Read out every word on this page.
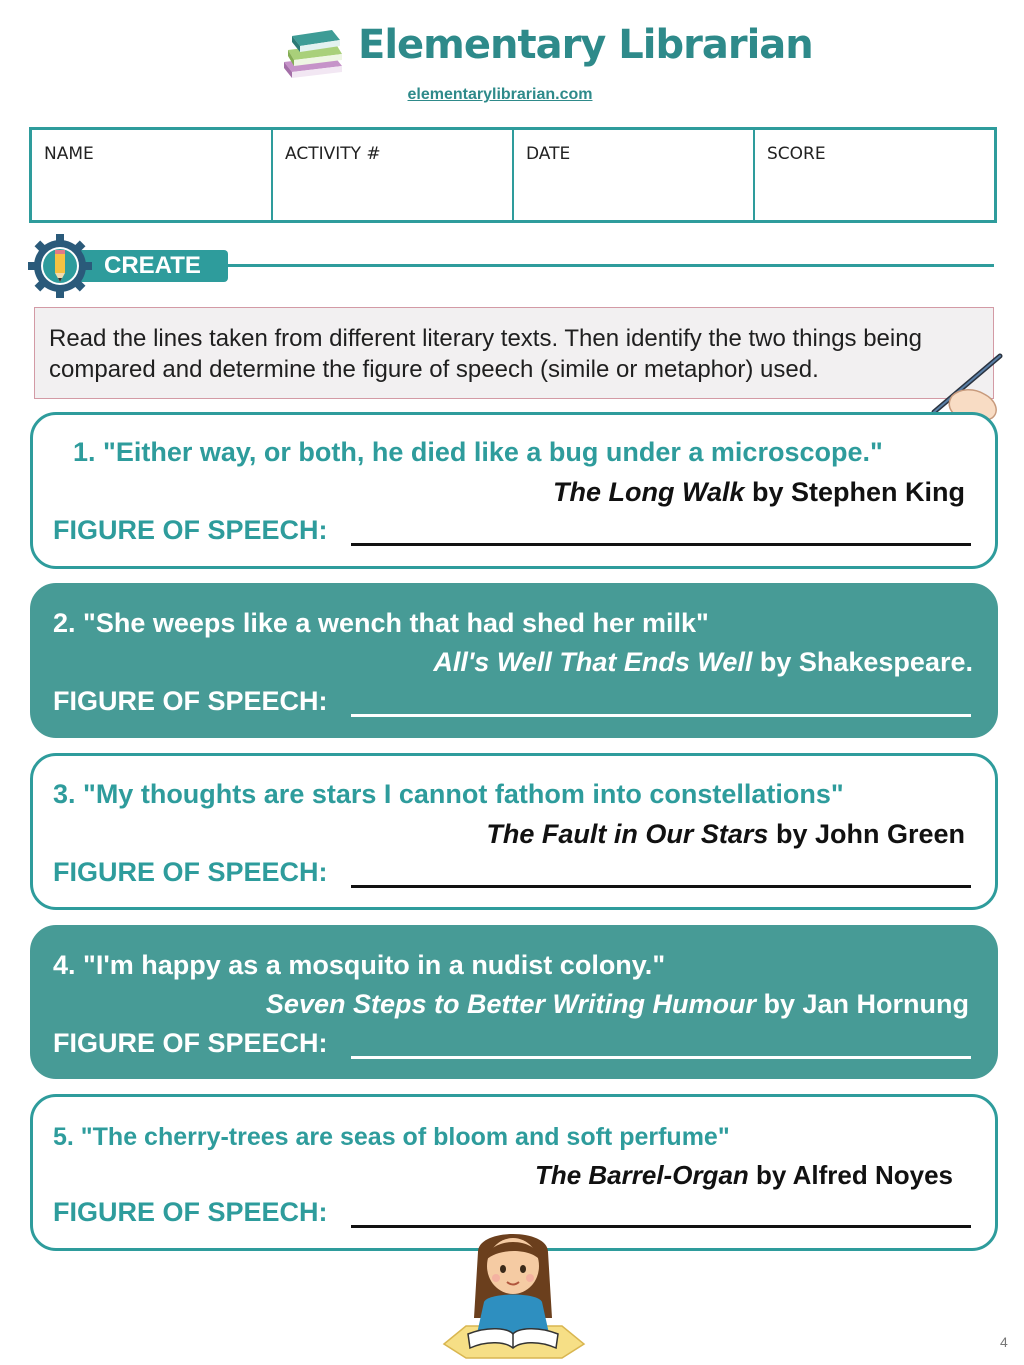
Elementary Librarian
elementarylibrarian.com
NAME	ACTIVITY #	DATE	SCORE
CREATE
Read the lines taken from different literary texts. Then identify the two things being compared and determine the figure of speech (simile or metaphor) used.
1. "Either way, or both, he died like a bug under a microscope."
The Long Walk by Stephen King
FIGURE OF SPEECH:
2. "She weeps like a wench that had shed her milk"
All's Well That Ends Well by Shakespeare.
FIGURE OF SPEECH:
3. "My thoughts are stars I cannot fathom into constellations"
The Fault in Our Stars by John Green
FIGURE OF SPEECH:
4. "I'm happy as a mosquito in a nudist colony."
Seven Steps to Better Writing Humour by Jan Hornung
FIGURE OF SPEECH:
5. "The cherry-trees are seas of bloom and soft perfume"
The Barrel-Organ by Alfred Noyes
FIGURE OF SPEECH:
4
